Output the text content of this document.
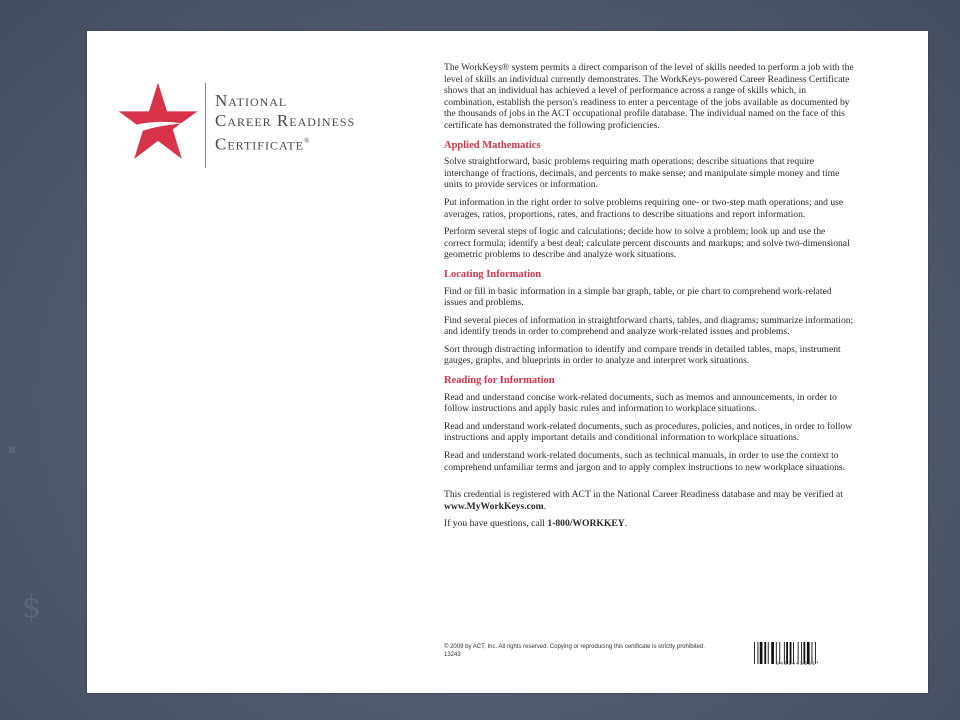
$
✦
National
Career Readiness
Certificate®

The WorkKeys® system permits a direct comparison of the level of skills needed to perform a job with the level of skills an individual currently demonstrates. The WorkKeys-powered Career Readiness Certificate shows that an individual has achieved a level of performance across a range of skills which, in combination, establish the person's readiness to enter a percentage of the jobs available as documented by the thousands of jobs in the ACT occupational profile database. The individual named on the face of this certificate has demonstrated the following proficiencies.

Applied Mathematics

Solve straightforward, basic problems requiring math operations; describe situations that require interchange of fractions, decimals, and percents to make sense; and manipulate simple money and time units to provide services or information.

Put information in the right order to solve problems requiring one- or two-step math operations; and use averages, ratios, proportions, rates, and fractions to describe situations and report information.

Perform several steps of logic and calculations; decide how to solve a problem; look up and use the correct formula; identify a best deal; calculate percent discounts and markups; and solve two-dimensional geometric problems to describe and analyze work situations.

Locating Information

Find or fill in basic information in a simple bar graph, table, or pie chart to comprehend work-related issues and problems.

Find several pieces of information in straightforward charts, tables, and diagrams; summarize information; and identify trends in order to comprehend and analyze work-related issues and problems.

Sort through distracting information to identify and compare trends in detailed tables, maps, instrument gauges, graphs, and blueprints in order to analyze and interpret work situations.

Reading for Information

Read and understand concise work-related documents, such as memos and announcements, in order to follow instructions and apply basic rules and information to workplace situations.

Read and understand work-related documents, such as procedures, policies, and notices, in order to follow instructions and apply important details and conditional information to workplace situations.

Read and understand work-related documents, such as technical manuals, in order to use the context to comprehend unfamiliar terms and jargon and to apply complex instructions to new workplace situations.

This credential is registered with ACT in the National Career Readiness database and may be verified at www.MyWorkKeys.com.

If you have questions, call 1-800/WORKKEY.

© 2009 by ACT, Inc. All rights reserved. Copying or reproducing this certificate is strictly prohibited.
13243
*0411445551*
